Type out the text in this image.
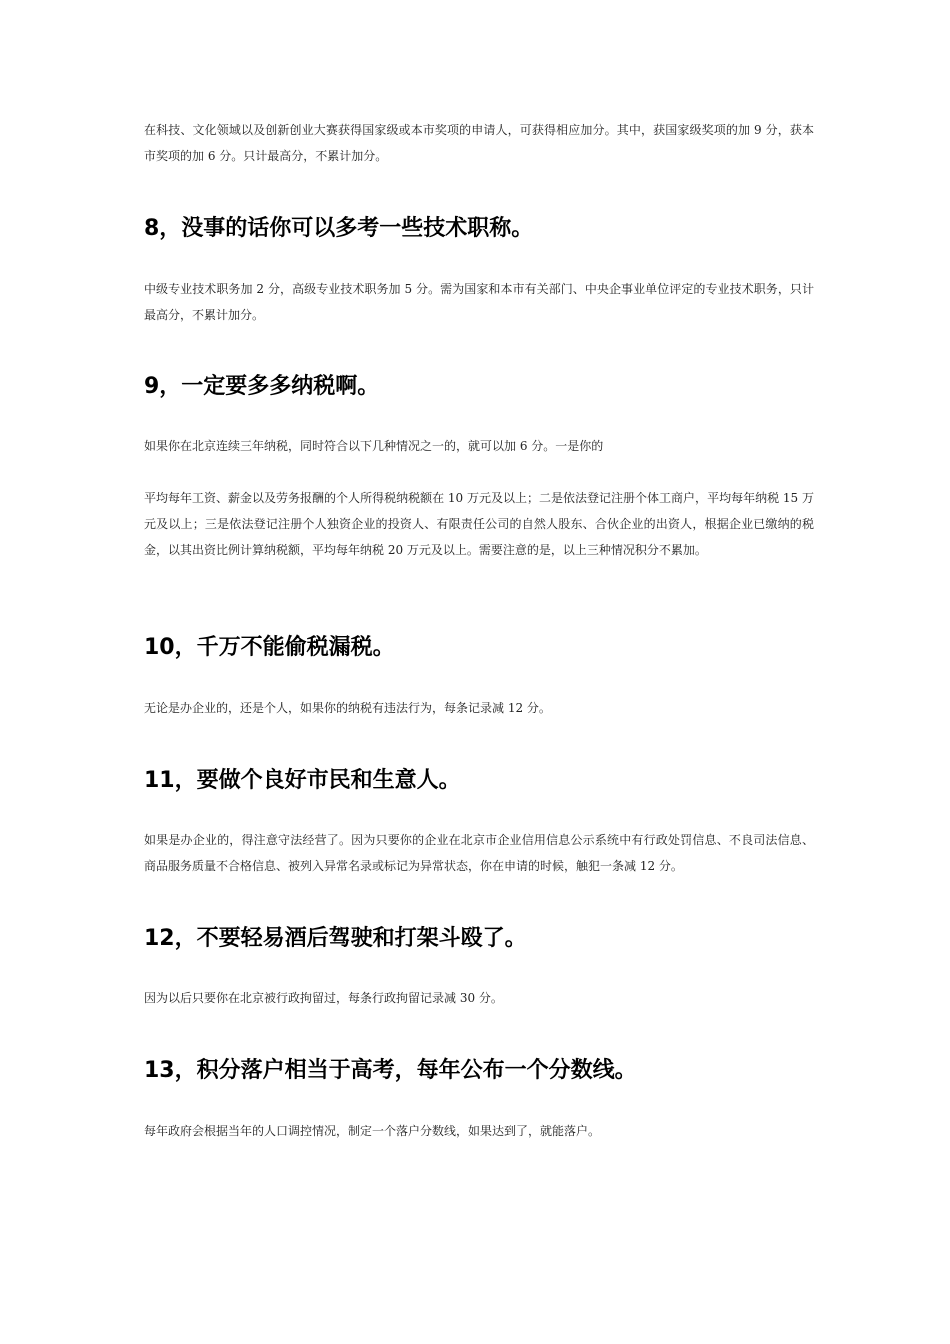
在科技、文化领域以及创新创业大赛获得国家级或本市奖项的申请人，可获得相应加分。其中，获国家级奖项的加 9 分，获本市奖项的加 6 分。只计最高分，不累计加分。

8，没事的话你可以多考一些技术职称。

中级专业技术职务加 2 分，高级专业技术职务加 5 分。需为国家和本市有关部门、中央企事业单位评定的专业技术职务，只计最高分，不累计加分。

9，一定要多多纳税啊。

如果你在北京连续三年纳税，同时符合以下几种情况之一的，就可以加 6 分。一是你的

平均每年工资、薪金以及劳务报酬的个人所得税纳税额在 10 万元及以上；二是依法登记注册个体工商户，平均每年纳税 15 万元及以上；三是依法登记注册个人独资企业的投资人、有限责任公司的自然人股东、合伙企业的出资人，根据企业已缴纳的税金，以其出资比例计算纳税额，平均每年纳税 20 万元及以上。需要注意的是，以上三种情况积分不累加。

10，千万不能偷税漏税。

无论是办企业的，还是个人，如果你的纳税有违法行为，每条记录减 12 分。

11，要做个良好市民和生意人。

如果是办企业的，得注意守法经营了。因为只要你的企业在北京市企业信用信息公示系统中有行政处罚信息、不良司法信息、商品服务质量不合格信息、被列入异常名录或标记为异常状态，你在申请的时候，触犯一条减 12 分。

12，不要轻易酒后驾驶和打架斗殴了。

因为以后只要你在北京被行政拘留过，每条行政拘留记录减 30 分。

13，积分落户相当于高考，每年公布一个分数线。

每年政府会根据当年的人口调控情况，制定一个落户分数线，如果达到了，就能落户。
